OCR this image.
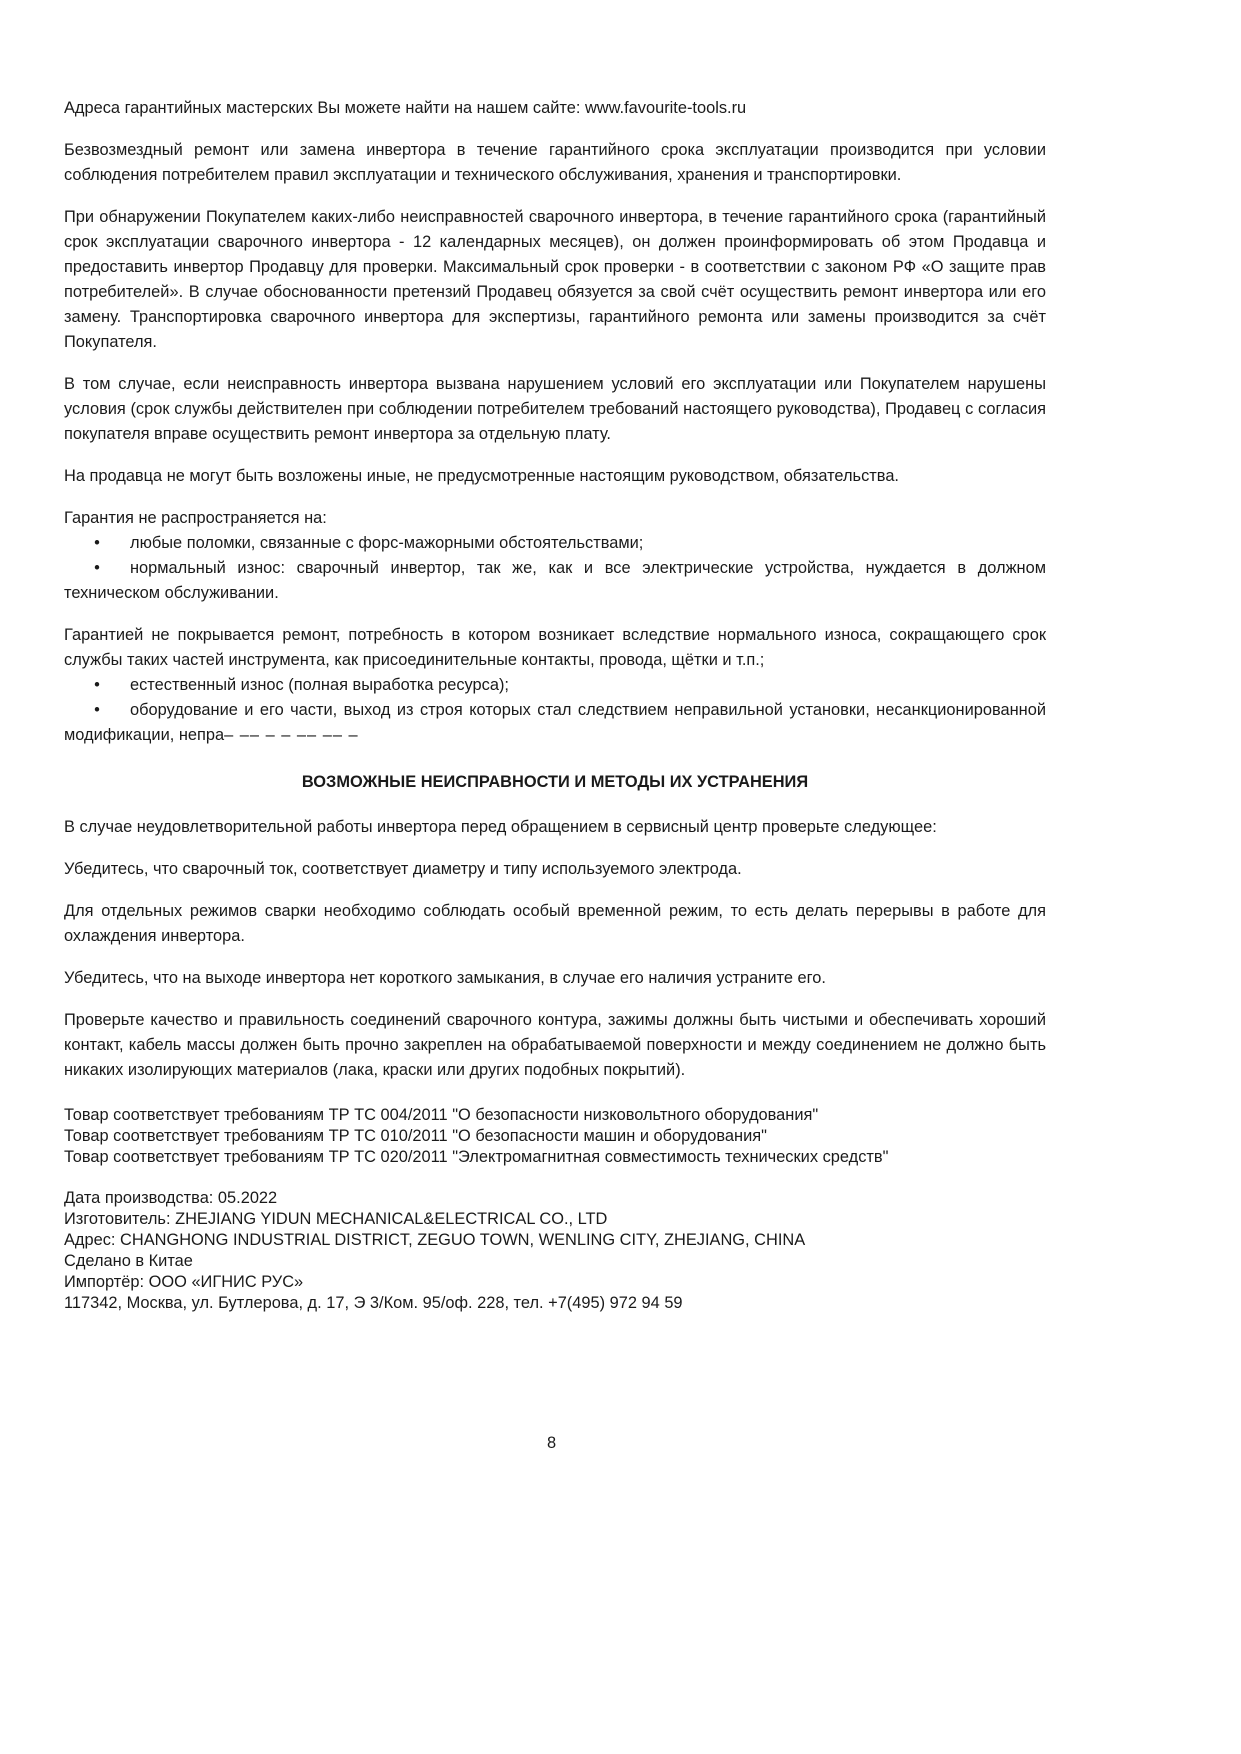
Адреса гарантийных мастерских Вы можете найти на нашем сайте: www.favourite-tools.ru

Безвозмездный ремонт или замена инвертора в течение гарантийного срока эксплуатации производится при условии соблюдения потребителем правил эксплуатации и технического обслуживания, хранения и транспортировки.

При обнаружении Покупателем каких-либо неисправностей сварочного инвертора, в течение гарантийного срока (гарантийный срок эксплуатации сварочного инвертора - 12 календарных месяцев), он должен проинформировать об этом Продавца и предоставить инвертор Продавцу для проверки. Максимальный срок проверки - в соответствии с законом РФ «О защите прав потребителей». В случае обоснованности претензий Продавец обязуется за свой счёт осуществить ремонт инвертора или его замену. Транспортировка сварочного инвертора для экспертизы, гарантийного ремонта или замены производится за счёт Покупателя.

В том случае, если неисправность инвертора вызвана нарушением условий его эксплуатации или Покупателем нарушены условия (срок службы действителен при соблюдении потребителем требований настоящего руководства), Продавец с согласия покупателя вправе осуществить ремонт инвертора за отдельную плату.

На продавца не могут быть возложены иные, не предусмотренные настоящим руководством, обязательства.

Гарантия не распространяется на:

• любые поломки, связанные с форс-мажорными обстоятельствами;

• нормальный износ: сварочный инвертор, так же, как и все электрические устройства, нуждается в должном техническом обслуживании.

Гарантией не покрывается ремонт, потребность в котором возникает вследствие нормального износа, сокращающего срок службы таких частей инструмента, как присоединительные контакты, провода, щётки и т.п.;

• естественный износ (полная выработка ресурса);

• оборудование и его части, выход из строя которых стал следствием неправильной установки, несанкционированной модификации, непра– –– – – –– –– –

ВОЗМОЖНЫЕ НЕИСПРАВНОСТИ И МЕТОДЫ ИХ УСТРАНЕНИЯ

В случае неудовлетворительной работы инвертора перед обращением в сервисный центр проверьте следующее:

Убедитесь, что сварочный ток, соответствует диаметру и типу используемого электрода.

Для отдельных режимов сварки необходимо соблюдать особый временной режим, то есть делать перерывы в работе для охлаждения инвертора.

Убедитесь, что на выходе инвертора нет короткого замыкания, в случае его наличия устраните его.

Проверьте качество и правильность соединений сварочного контура, зажимы должны быть чистыми и обеспечивать хороший контакт, кабель массы должен быть прочно закреплен на обрабатываемой поверхности и между соединением не должно быть никаких изолирующих материалов (лака, краски или других подобных покрытий).

Товар соответствует требованиям ТР ТС 004/2011 "О безопасности низковольтного оборудования"
Товар соответствует требованиям ТР ТС 010/2011 "О безопасности машин и оборудования"
Товар соответствует требованиям ТР ТС 020/2011 "Электромагнитная совместимость технических средств"
Дата производства: 05.2022
Изготовитель: ZHEJIANG YIDUN MECHANICAL&ELECTRICAL CO., LTD
Адрес: CHANGHONG INDUSTRIAL DISTRICT, ZEGUO TOWN, WENLING CITY, ZHEJIANG, CHINA
Сделано в Китае
Импортёр: ООО «ИГНИС РУС»
117342, Москва, ул. Бутлерова, д. 17, Э 3/Ком. 95/оф. 228, тел. +7(495) 972 94 59
8
